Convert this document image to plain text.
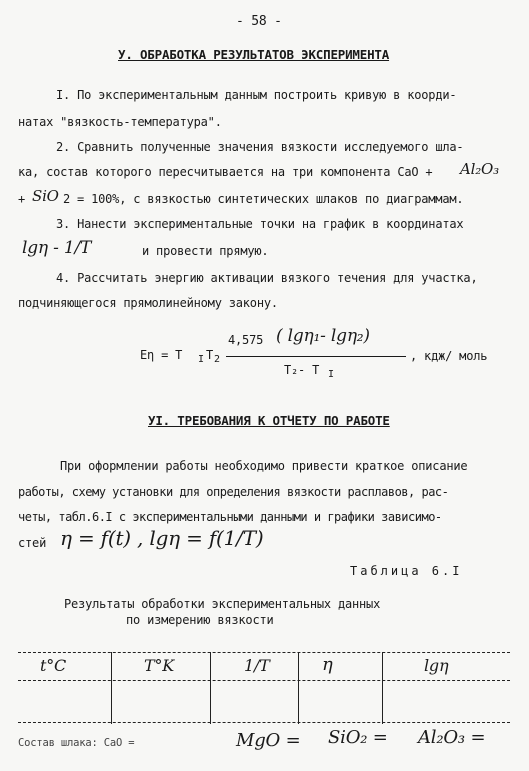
- 58 -
У. ОБРАБОТКА РЕЗУЛЬТАТОВ ЭКСПЕРИМЕНТА
I. По экспериментальным данным построить кривую в коорди-
натах "вязкость-температура".
2. Сравнить полученные значения вязкости исследуемого шла-
ка, состав которого пересчитывается на три компонента CaO + Al₂O₃
+ SiO 2 = 100%, с вязкостью синтетических шлаков по диаграммам.
3. Нанести экспериментальные точки на график в координатах
lgη - 1/T	и провести прямую.
4. Рассчитать энергию активации вязкого течения для участка,
подчиняющегося прямолинейному закону.
Eη = T I T 2
4,575 ( lgη₁- lgη₂)
T₂- T I
, кдж/ моль
УI. ТРЕБОВАНИЯ К ОТЧЕТУ ПО РАБОТЕ
При оформлении работы необходимо привести краткое описание
работы, схему установки для определения вязкости расплавов, рас-
четы, табл.6.I с экспериментальными данными и графики зависимо-
стей η = f(t) , lgη = f(1/T)
Таблица 6.I
Результаты обработки экспериментальных данных
по измерению вязкости
t°C	T°K	1/T	η	lgη
Состав шлака: CaO =	MgO = SiO₂ = Al₂O₃ =
